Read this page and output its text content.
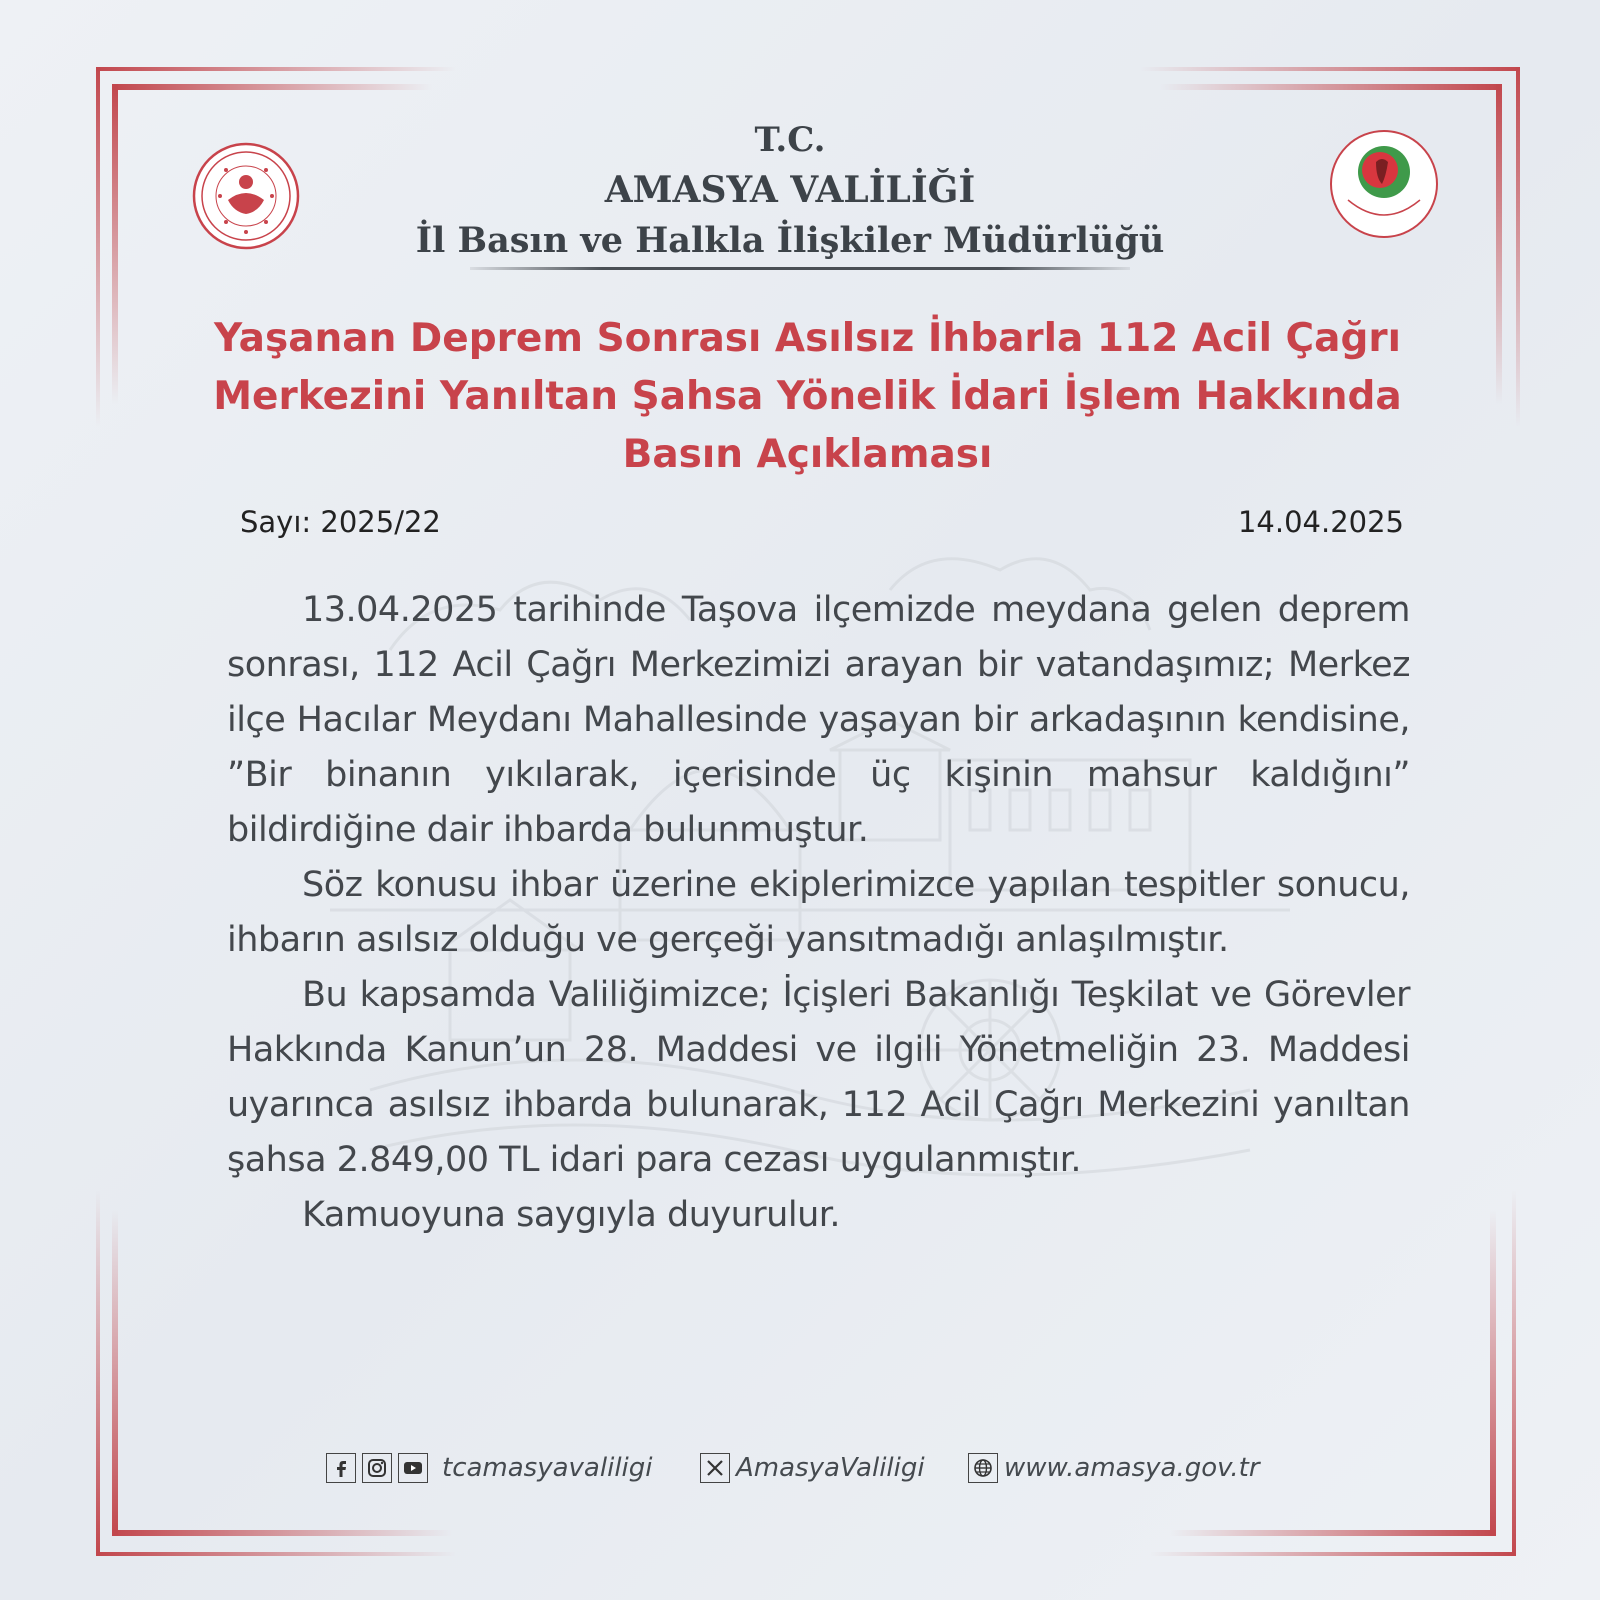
T.C.
AMASYA VALİLİĞİ
İl Basın ve Halkla İlişkiler Müdürlüğü
Yaşanan Deprem Sonrası Asılsız İhbarla 112 Acil Çağrı
Merkezini Yanıltan Şahsa Yönelik İdari İşlem Hakkında
Basın Açıklaması
Sayı: 2025/22	14.04.2025

13.04.2025 tarihinde Taşova ilçemizde meydana gelen deprem sonrası, 112 Acil Çağrı Merkezimizi arayan bir vatandaşımız; Merkez ilçe Hacılar Meydanı Mahallesinde yaşayan bir arkadaşının kendisine, ”Bir binanın yıkılarak, içerisinde üç kişinin mahsur kaldığını” bildirdiğine dair ihbarda bulunmuştur.

Söz konusu ihbar üzerine ekiplerimizce yapılan tespitler sonucu, ihbarın asılsız olduğu ve gerçeği yansıtmadığı anlaşılmıştır.

Bu kapsamda Valiliğimizce; İçişleri Bakanlığı Teşkilat ve Görevler Hakkında Kanun’un 28. Maddesi ve ilgili Yönetmeliğin 23. Maddesi uyarınca asılsız ihbarda bulunarak, 112 Acil Çağrı Merkezini yanıltan şahsa 2.849,00 TL idari para cezası uygulanmıştır.

Kamuoyuna saygıyla duyurulur.

tcamasyavaliligi	AmasyaValiligi	www.amasya.gov.tr
